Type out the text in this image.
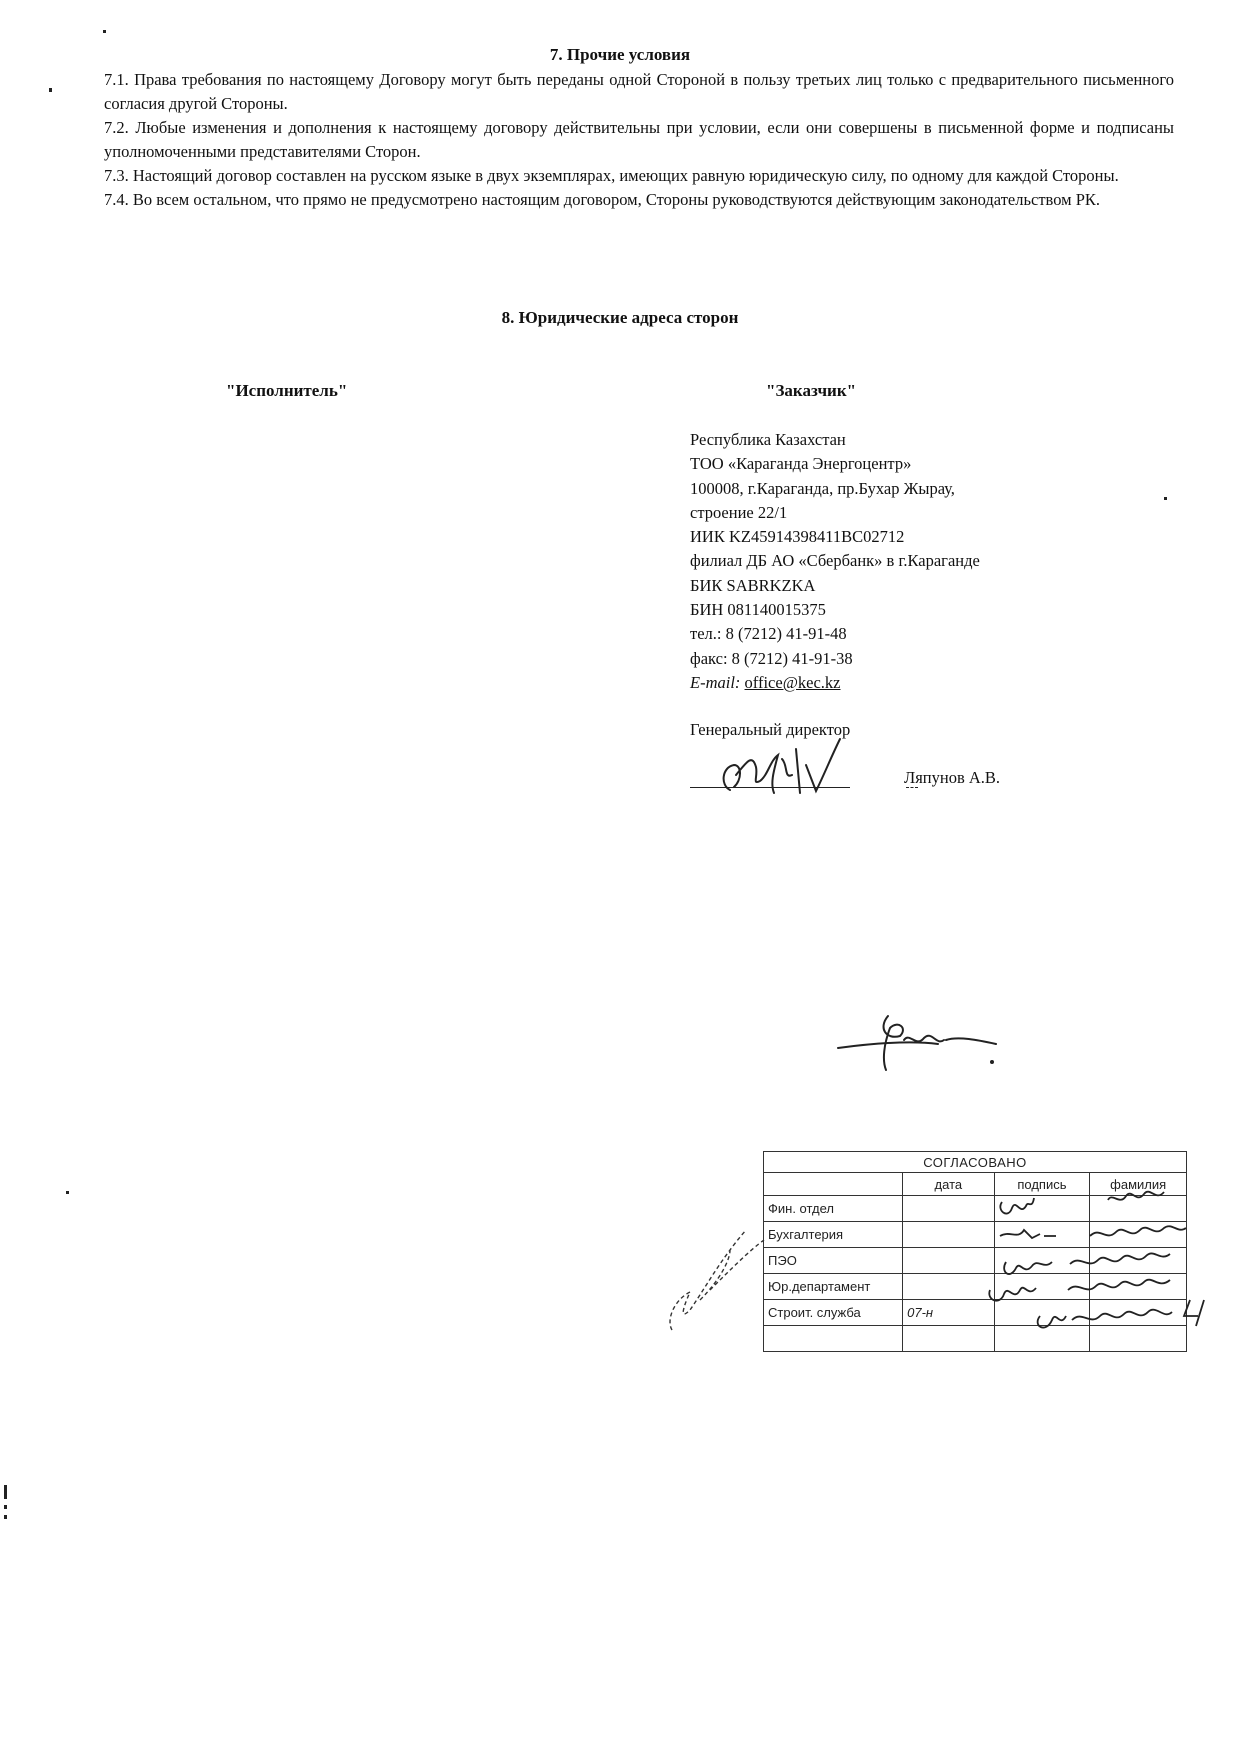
7. Прочие условия

7.1. Права требования по настоящему Договору могут быть переданы одной Стороной в пользу третьих лиц только с предварительного письменного согласия другой Стороны.

7.2. Любые изменения и дополнения к настоящему договору действительны при условии, если они совершены в письменной форме и подписаны уполномоченными представителями Сторон.

7.3. Настоящий договор составлен на русском языке в двух экземплярах, имеющих равную юридическую силу, по одному для каждой Стороны.

7.4. Во всем остальном, что прямо не предусмотрено настоящим договором, Стороны руководствуются действующим законодательством РК.

8. Юридические адреса сторон
"Исполнитель"	"Заказчик"
Республика Казахстан
ТОО «Караганда Энергоцентр»
100008, г.Караганда, пр.Бухар Жырау,
строение 22/1
ИИК KZ45914398411BC02712
филиал ДБ АО «Сбербанк» в г.Караганде
БИК SABRKZKA
БИН 081140015375
тел.: 8 (7212) 41-91-48
факс: 8 (7212) 41-91-38
E-mail: office@kec.kz
Генеральный директор
Ляпунов А.В.
СОГЛАСОВАНО			
	дата	подпись	фамилия
Фин. отдел			
Бухгалтерия			
ПЭО			
Юр.департамент			
Строит. служба	07-н		
